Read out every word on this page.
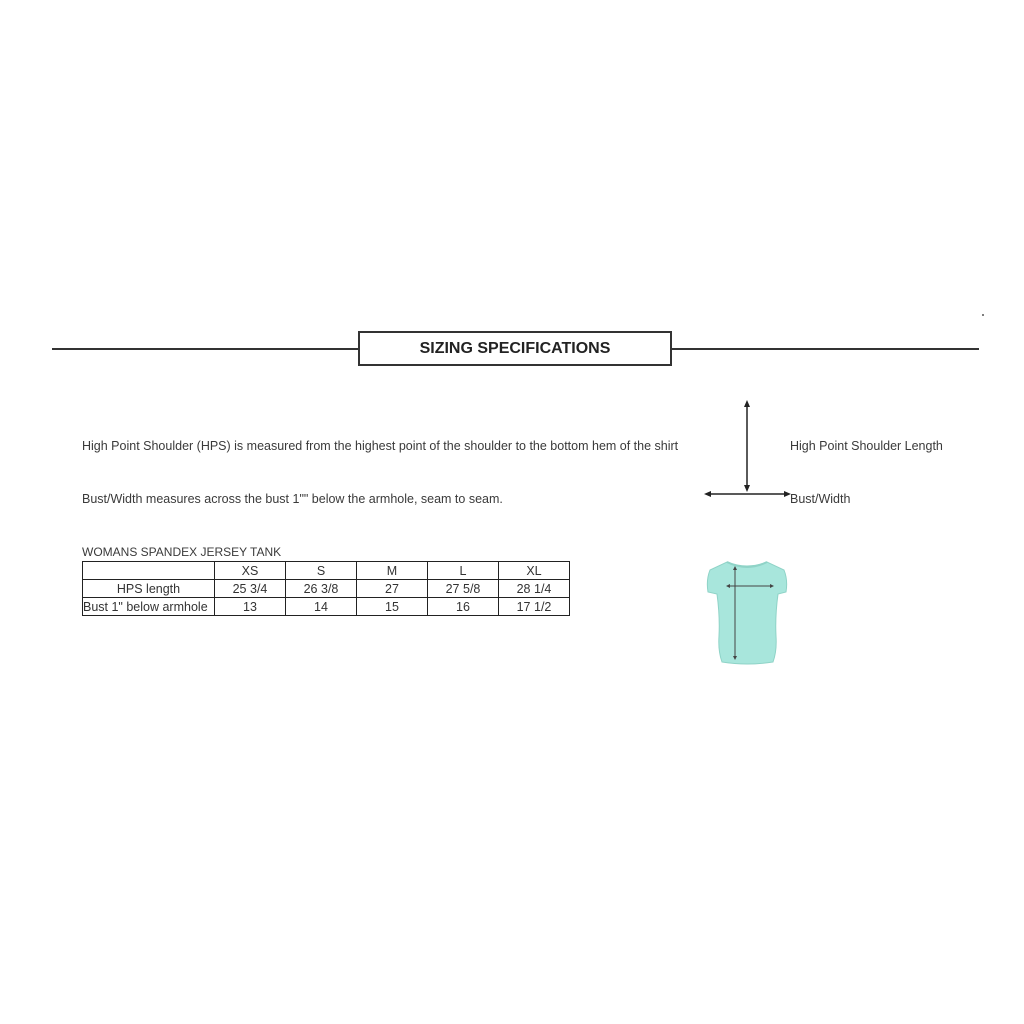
SIZING SPECIFICATIONS
High Point Shoulder (HPS) is measured from the highest point of the shoulder to the bottom hem of the shirt
Bust/Width measures across the bust 1"" below the armhole, seam to seam.
High Point Shoulder Length
Bust/Width
WOMANS SPANDEX JERSEY TANK
	XS	S	M	L	XL
HPS length	25 3/4	26 3/8	27	27 5/8	28 1/4
Bust 1" below armhole	13	14	15	16	17 1/2
